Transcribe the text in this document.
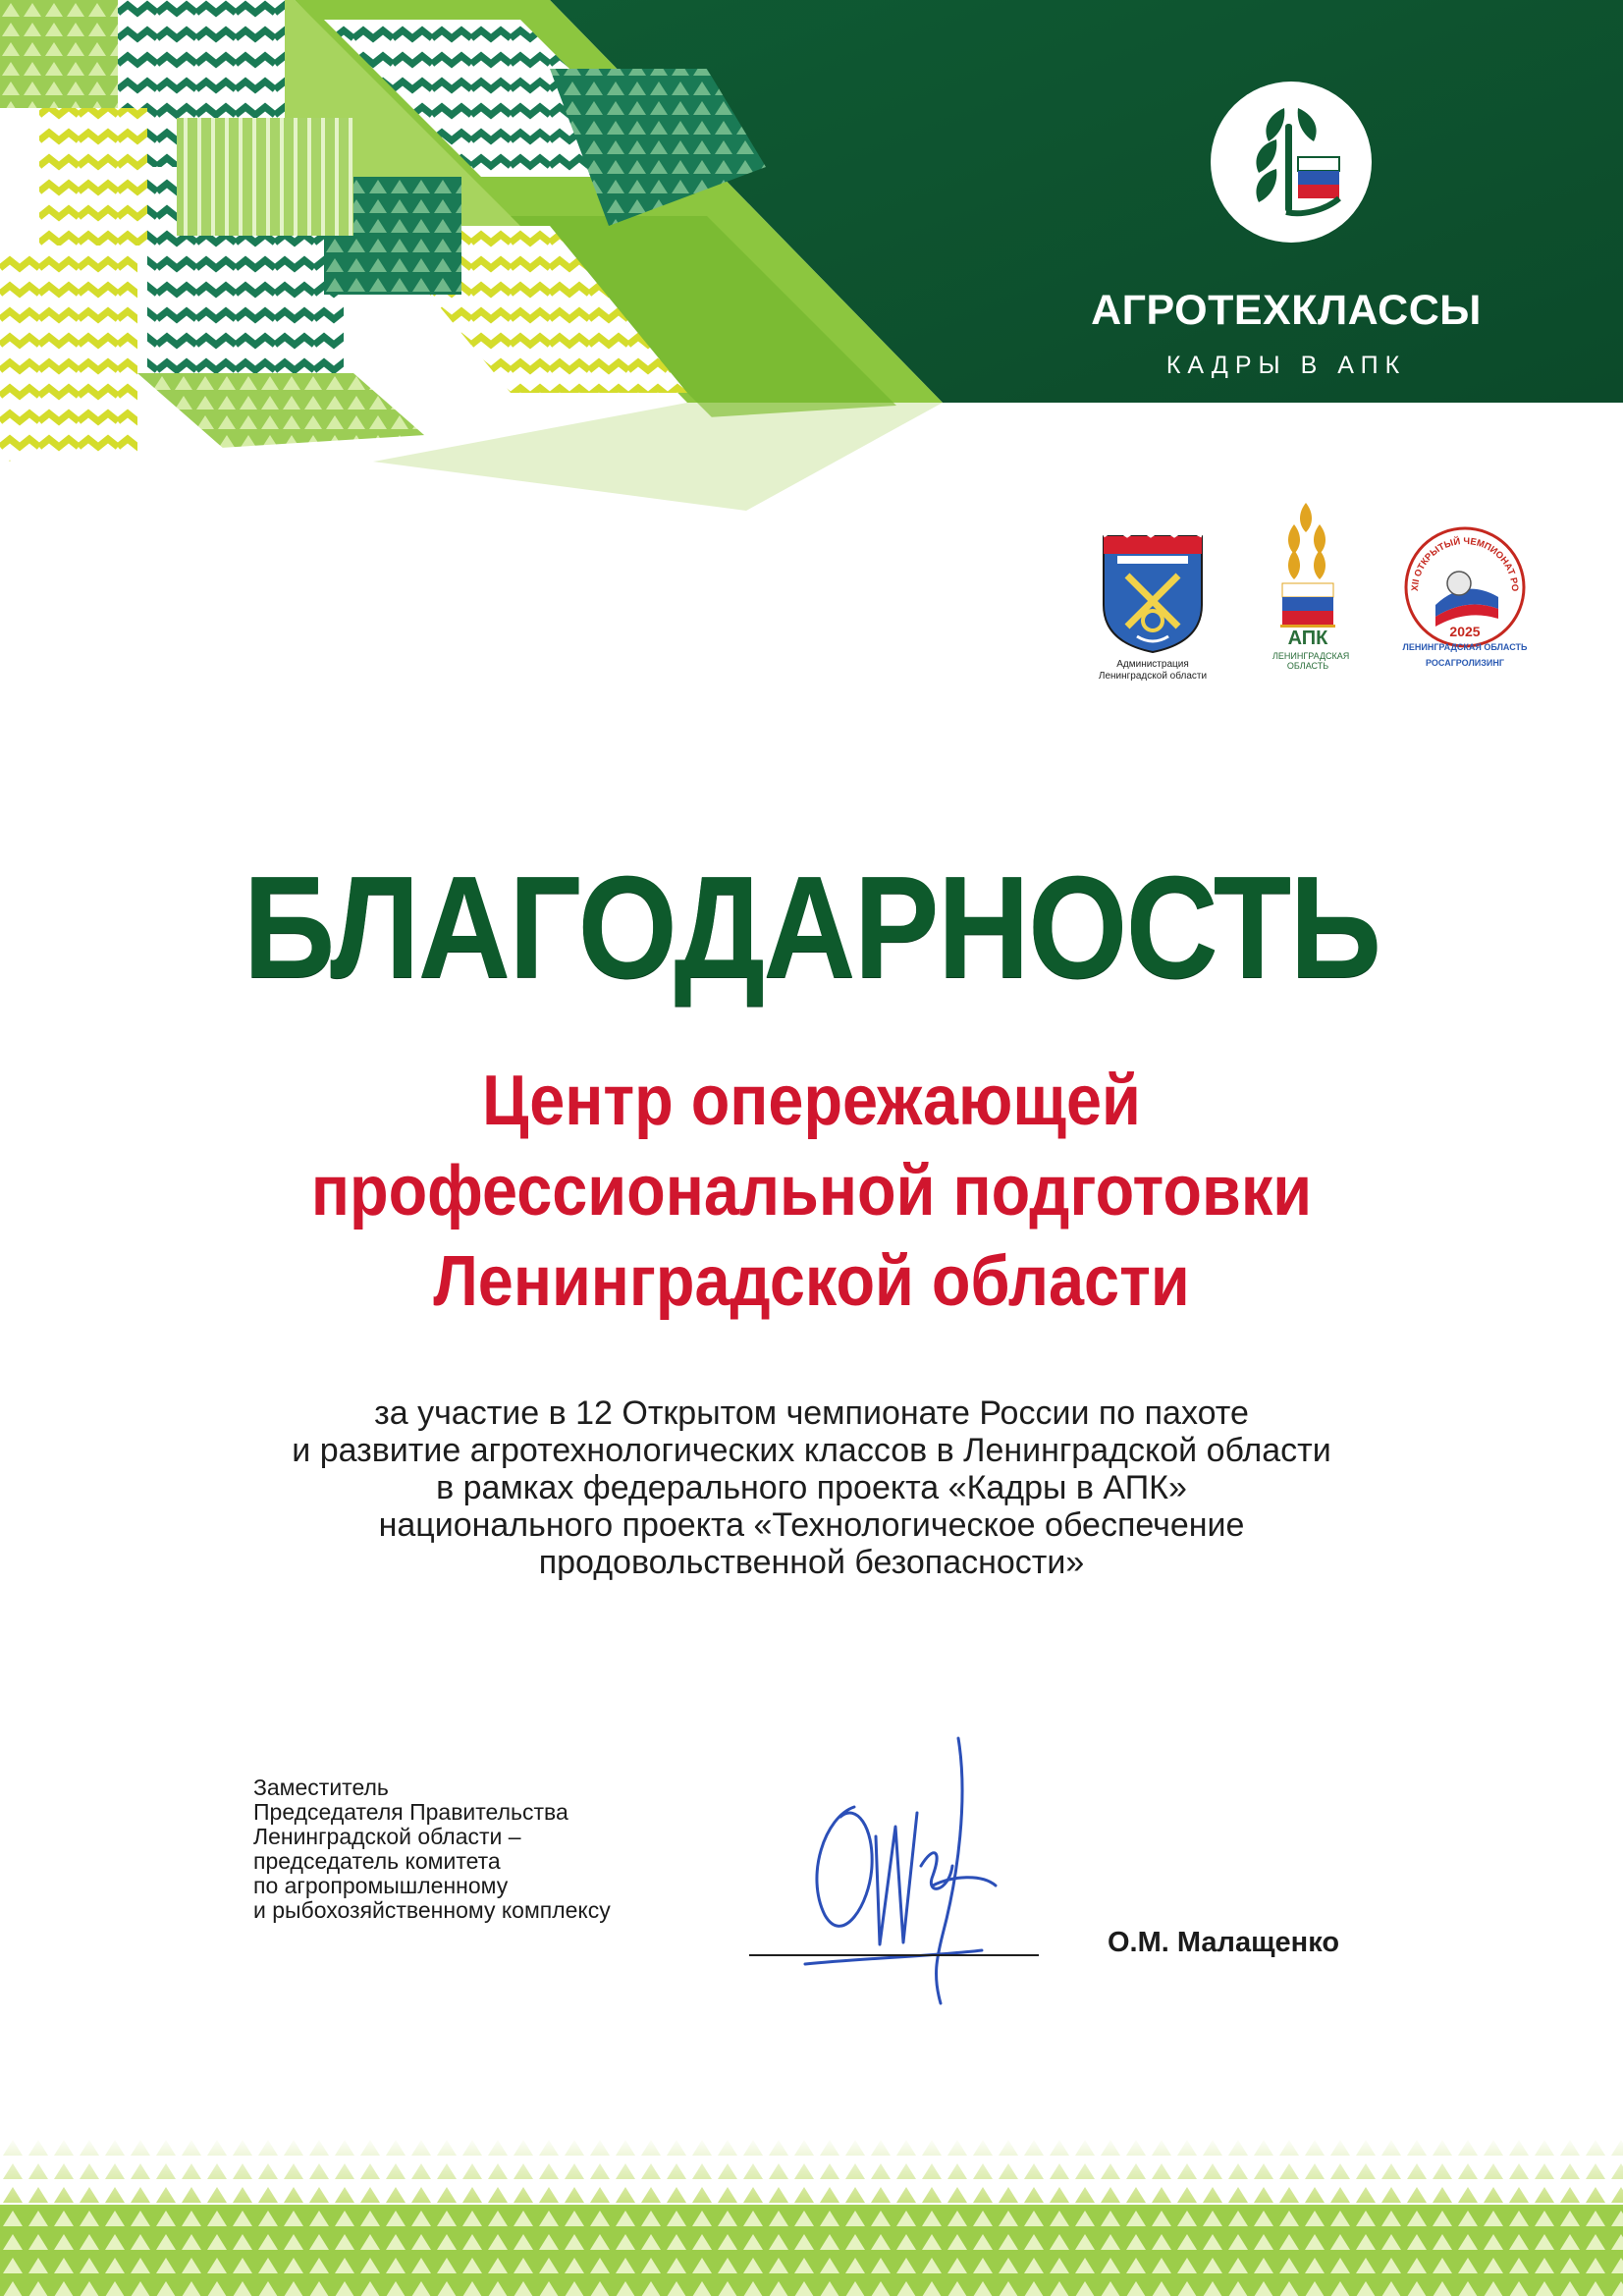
АГРОТЕХКЛАССЫ
КАДРЫ В АПК
Администрация
Ленинградской области
АПК
ЛЕНИНГРАДСКАЯ ОБЛАСТЬ
XII ОТКРЫТЫЙ ЧЕМПИОНАТ РО
2025
ЛЕНИНГРАДСКАЯ ОБЛАСТЬ
РОСАГРОЛИЗИНГ
БЛАГОДАРНОСТЬ
Центр опережающей
профессиональной подготовки
Ленинградской области
за участие в 12 Открытом чемпионате России по пахоте
и развитие агротехнологических классов в Ленинградской области
в рамках федерального проекта «Кадры в АПК»
национального проекта «Технологическое обеспечение
продовольственной безопасности»
Заместитель
Председателя Правительства
Ленинградской области –
председатель комитета
по агропромышленному
и рыбохозяйственному комплексу
О.М. Малащенко
